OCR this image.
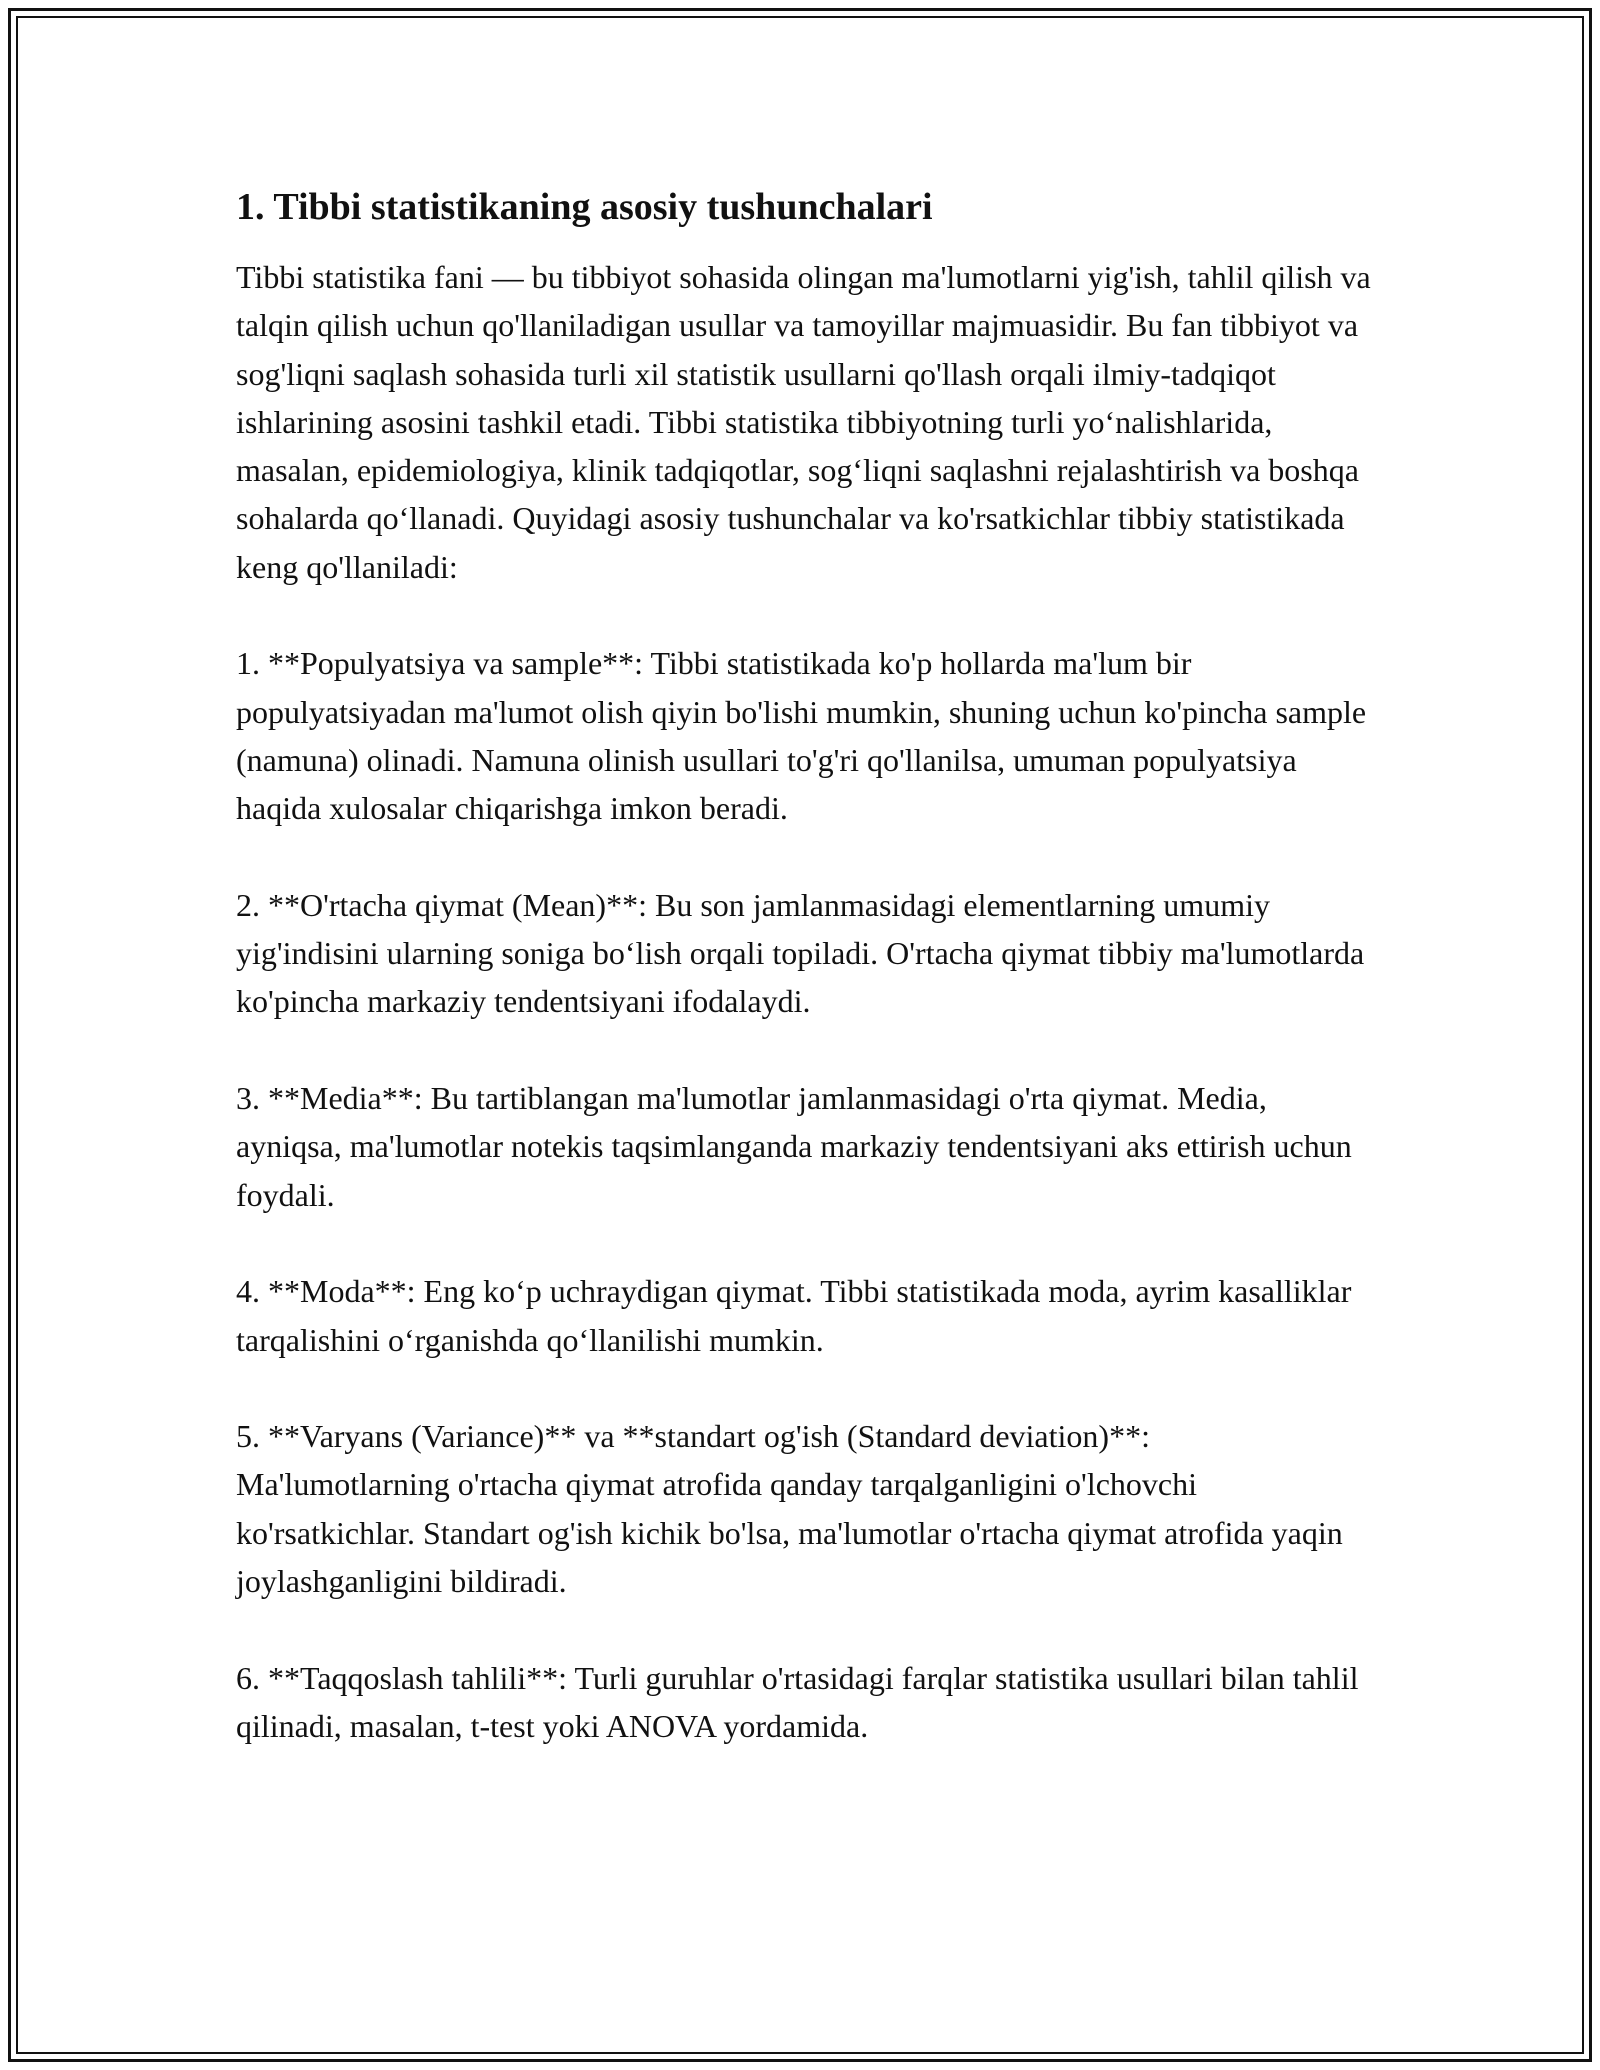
1. Tibbi statistikaning asosiy tushunchalari

Tibbi statistika fani — bu tibbiyot sohasida olingan ma'lumotlarni yig'ish, tahlil qilish va talqin qilish uchun qo'llaniladigan usullar va tamoyillar majmuasidir. Bu fan tibbiyot va sog'liqni saqlash sohasida turli xil statistik usullarni qo'llash orqali ilmiy-tadqiqot ishlarining asosini tashkil etadi. Tibbi statistika tibbiyotning turli yo‘nalishlarida, masalan, epidemiologiya, klinik tadqiqotlar, sog‘liqni saqlashni rejalashtirish va boshqa sohalarda qo‘llanadi. Quyidagi asosiy tushunchalar va ko'rsatkichlar tibbiy statistikada keng qo'llaniladi:

1. **Populyatsiya va sample**: Tibbi statistikada ko'p hollarda ma'lum bir populyatsiyadan ma'lumot olish qiyin bo'lishi mumkin, shuning uchun ko'pincha sample (namuna) olinadi. Namuna olinish usullari to'g'ri qo'llanilsa, umuman populyatsiya haqida xulosalar chiqarishga imkon beradi.

2. **O'rtacha qiymat (Mean)**: Bu son jamlanmasidagi elementlarning umumiy yig'indisini ularning soniga bo‘lish orqali topiladi. O'rtacha qiymat tibbiy ma'lumotlarda ko'pincha markaziy tendentsiyani ifodalaydi.

3. **Media**: Bu tartiblangan ma'lumotlar jamlanmasidagi o'rta qiymat. Media, ayniqsa, ma'lumotlar notekis taqsimlanganda markaziy tendentsiyani aks ettirish uchun foydali.

4. **Moda**: Eng ko‘p uchraydigan qiymat. Tibbi statistikada moda, ayrim kasalliklar tarqalishini o‘rganishda qo‘llanilishi mumkin.

5. **Varyans (Variance)** va **standart og'ish (Standard deviation)**: Ma'lumotlarning o'rtacha qiymat atrofida qanday tarqalganligini o'lchovchi ko'rsatkichlar. Standart og'ish kichik bo'lsa, ma'lumotlar o'rtacha qiymat atrofida yaqin joylashganligini bildiradi.

6. **Taqqoslash tahlili**: Turli guruhlar o'rtasidagi farqlar statistika usullari bilan tahlil qilinadi, masalan, t-test yoki ANOVA yordamida.
